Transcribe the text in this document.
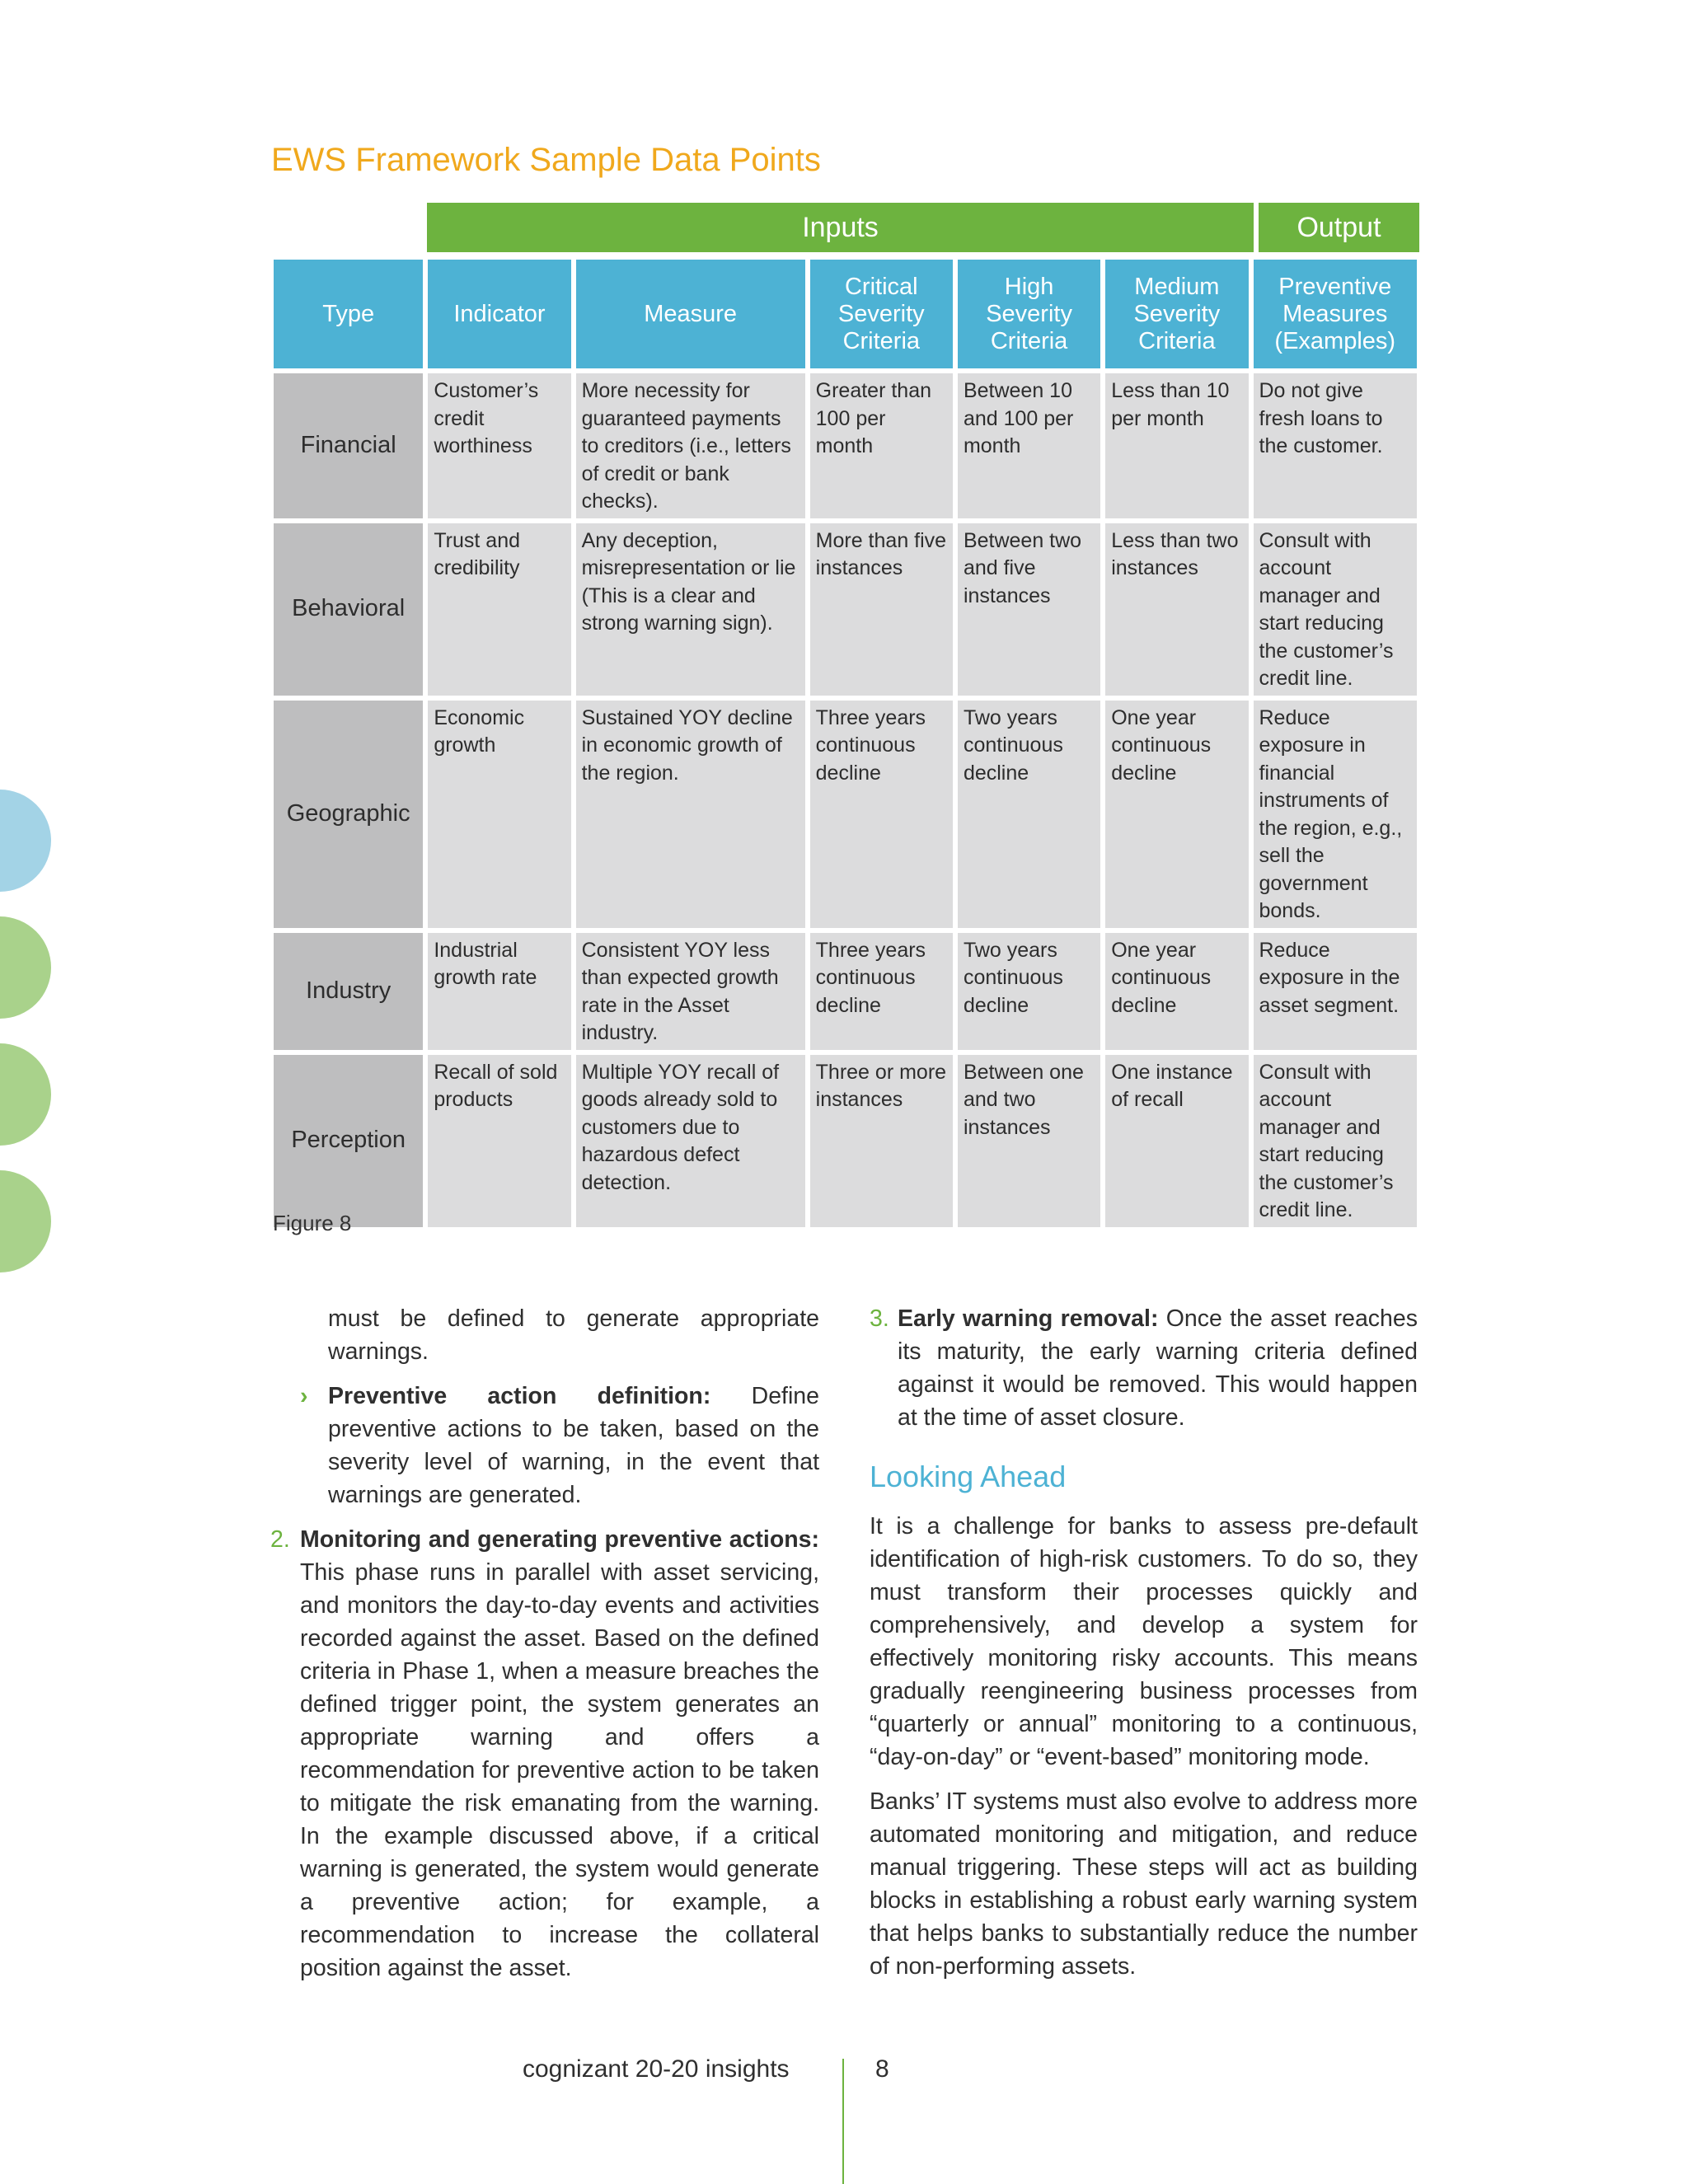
EWS Framework Sample Data Points
Inputs	Output
Type	Indicator	Measure	Critical Severity Criteria	High Severity Criteria	Medium Severity Criteria	Preventive Measures (Examples)
Financial	Customer’s credit worthiness	More necessity for guaranteed payments to creditors (i.e., letters of credit or bank checks).	Greater than 100 per month	Between 10 and 100 per month	Less than 10 per month	Do not give fresh loans to the customer.
Behavioral	Trust and credibility	Any deception, misrepresentation or lie (This is a clear and strong warning sign).	More than five instances	Between two and five instances	Less than two instances	Consult with account manager and start reducing the customer’s credit line.
Geographic	Economic growth	Sustained YOY decline in economic growth of the region.	Three years continuous decline	Two years continuous decline	One year continuous decline	Reduce exposure in financial instruments of the region, e.g., sell the government bonds.
Industry	Industrial growth rate	Consistent YOY less than expected growth rate in the Asset industry.	Three years continuous decline	Two years continuous decline	One year continuous decline	Reduce exposure in the asset segment.
Perception	Recall of sold products	Multiple YOY recall of goods already sold to customers due to hazardous defect detection.	Three or more instances	Between one and two instances	One instance of recall	Consult with account manager and start reducing the customer’s credit line.
Figure 8

must be defined to generate appropriate warnings.

› Preventive action definition: Define preventive actions to be taken, based on the severity level of warning, in the event that warnings are generated.

2. Monitoring and generating preventive actions: This phase runs in parallel with asset servicing, and monitors the day-to-day events and activities recorded against the asset. Based on the defined criteria in Phase 1, when a measure breaches the defined trigger point, the system generates an appropriate warning and offers a recommendation for preventive action to be taken to mitigate the risk emanating from the warning. In the example discussed above, if a critical warning is generated, the system would generate a preventive action; for example, a recommendation to increase the collateral position against the asset.

3. Early warning removal: Once the asset reaches its maturity, the early warning criteria defined against it would be removed. This would happen at the time of asset closure.

Looking Ahead

It is a challenge for banks to assess pre-default identification of high-risk customers. To do so, they must transform their processes quickly and comprehensively, and develop a system for effectively monitoring risky accounts. This means gradually reengineering business processes from “quarterly or annual” monitoring to a continuous, “day-on-day” or “event-based” monitoring mode.

Banks’ IT systems must also evolve to address more automated monitoring and mitigation, and reduce manual triggering. These steps will act as building blocks in establishing a robust early warning system that helps banks to substantially reduce the number of non-performing assets.

cognizant 20-20 insights	8
